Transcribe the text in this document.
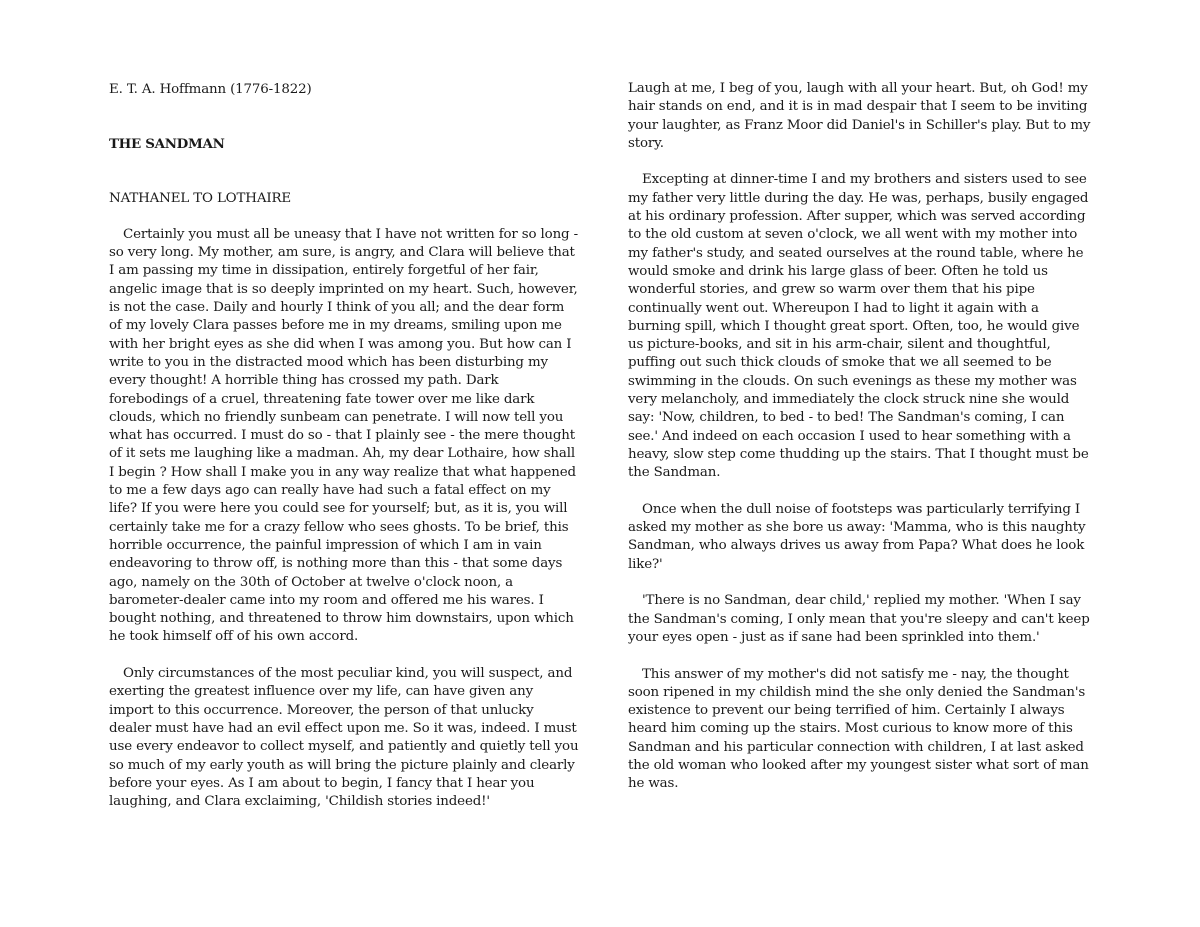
E. T. A. Hoffmann (1776-1822)

THE SANDMAN

NATHANEL TO LOTHAIRE

Certainly you must all be uneasy that I have not written for so long - so very long. My mother, am sure, is angry, and Clara will believe that I am passing my time in dissipation, entirely forgetful of her fair, angelic image that is so deeply imprinted on my heart. Such, however, is not the case. Daily and hourly I think of you all; and the dear form of my lovely Clara passes before me in my dreams, smiling upon me with her bright eyes as she did when I was among you. But how can I write to you in the distracted mood which has been disturbing my every thought! A horrible thing has crossed my path. Dark forebodings of a cruel, threatening fate tower over me like dark clouds, which no friendly sunbeam can penetrate. I will now tell you what has occurred. I must do so - that I plainly see - the mere thought of it sets me laughing like a madman. Ah, my dear Lothaire, how shall I begin ? How shall I make you in any way realize that what happened to me a few days ago can really have had such a fatal effect on my life? If you were here you could see for yourself; but, as it is, you will certainly take me for a crazy fellow who sees ghosts. To be brief, this horrible occurrence, the painful impression of which I am in vain endeavoring to throw off, is nothing more than this - that some days ago, namely on the 30th of October at twelve o'clock noon, a barometer-dealer came into my room and offered me his wares. I bought nothing, and threatened to throw him downstairs, upon which he took himself off of his own accord.

Only circumstances of the most peculiar kind, you will suspect, and exerting the greatest influence over my life, can have given any import to this occurrence. Moreover, the person of that unlucky dealer must have had an evil effect upon me. So it was, indeed. I must use every endeavor to collect myself, and patiently and quietly tell you so much of my early youth as will bring the picture plainly and clearly before your eyes. As I am about to begin, I fancy that I hear you laughing, and Clara exclaiming, 'Childish stories indeed!'

Laugh at me, I beg of you, laugh with all your heart. But, oh God! my hair stands on end, and it is in mad despair that I seem to be inviting your laughter, as Franz Moor did Daniel's in Schiller's play. But to my story.

Excepting at dinner-time I and my brothers and sisters used to see my father very little during the day. He was, perhaps, busily engaged at his ordinary profession. After supper, which was served according to the old custom at seven o'clock, we all went with my mother into my father's study, and seated ourselves at the round table, where he would smoke and drink his large glass of beer. Often he told us wonderful stories, and grew so warm over them that his pipe continually went out. Whereupon I had to light it again with a burning spill, which I thought great sport. Often, too, he would give us picture-books, and sit in his arm-chair, silent and thoughtful, puffing out such thick clouds of smoke that we all seemed to be swimming in the clouds. On such evenings as these my mother was very melancholy, and immediately the clock struck nine she would say: 'Now, children, to bed - to bed! The Sandman's coming, I can see.' And indeed on each occasion I used to hear something with a heavy, slow step come thudding up the stairs. That I thought must be the Sandman.

Once when the dull noise of footsteps was particularly terrifying I asked my mother as she bore us away: 'Mamma, who is this naughty Sandman, who always drives us away from Papa? What does he look like?'

'There is no Sandman, dear child,' replied my mother. 'When I say the Sandman's coming, I only mean that you're sleepy and can't keep your eyes open - just as if sane had been sprinkled into them.'

This answer of my mother's did not satisfy me - nay, the thought soon ripened in my childish mind the she only denied the Sandman's existence to prevent our being terrified of him. Certainly I always heard him coming up the stairs. Most curious to know more of this Sandman and his particular connection with children, I at last asked the old woman who looked after my youngest sister what sort of man he was.
